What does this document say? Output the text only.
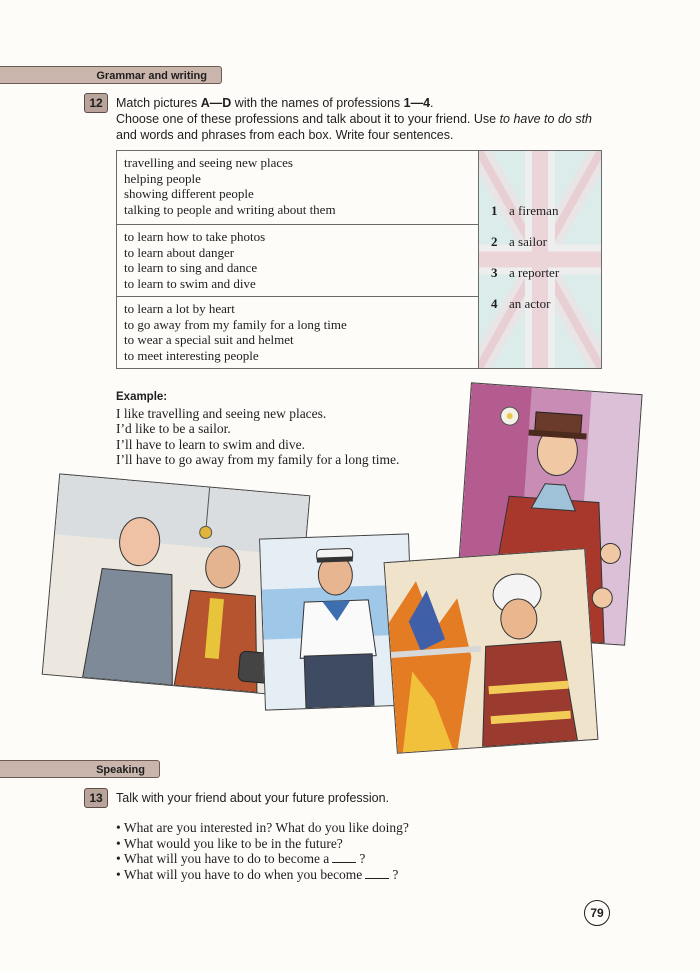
Grammar and writing
12	Match pictures A—D with the names of professions 1—4.
Choose one of these professions and talk about it to your friend. Use to have to do sth
and words and phrases from each box. Write four sentences.
travelling and seeing new places
helping people
showing different people
talking to people and writing about them	1 a fireman
2 a sailor
3 a reporter
4 an actor

to learn how to take photos
to learn about danger
to learn to sing and dance
to learn to swim and dive

to learn a lot by heart
to go away from my family for a long time
to wear a special suit and helmet
to meet interesting people
Example:
I like travelling and seeing new places.
I’d like to be a sailor.
I’ll have to learn to swim and dive.
I’ll have to go away from my family for a long time.
Speaking
13	Talk with your friend about your future profession.
• What are you interested in? What do you like doing?
• What would you like to be in the future?
• What will you have to do to become a ?
• What will you have to do when you become ?
79
